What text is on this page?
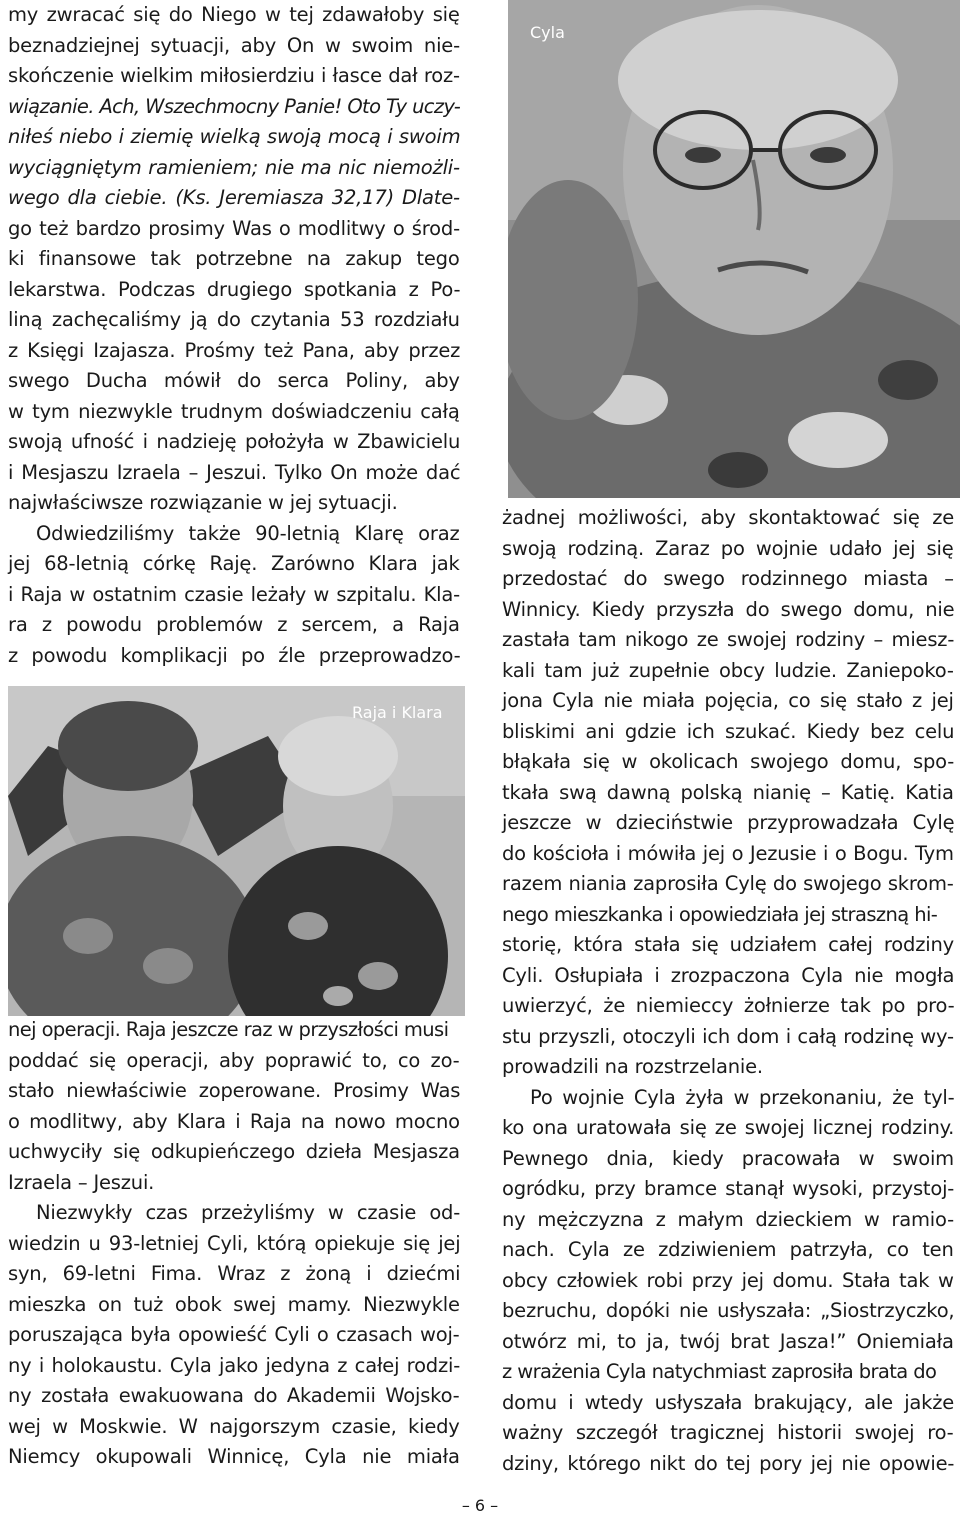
Cyla
Raja i Klara
my zwracać się do Niego w tej zdawałoby się
beznadziejnej sytuacji, aby On w swoim nie-
skończenie wielkim miłosierdziu i łasce dał roz-
wiązanie. Ach, Wszechmocny Panie! Oto Ty uczy-
niłeś niebo i ziemię wielką swoją mocą i swoim
wyciągniętym ramieniem; nie ma nic niemożli-
wego dla ciebie. (Ks. Jeremiasza 32,17) Dlate-
go też bardzo prosimy Was o modlitwy o środ-
ki finansowe tak potrzebne na zakup tego
lekarstwa. Podczas drugiego spotkania z Po-
liną zachęcaliśmy ją do czytania 53 rozdziału
z Księgi Izajasza. Prośmy też Pana, aby przez
swego Ducha mówił do serca Poliny, aby
w tym niezwykle trudnym doświadczeniu całą
swoją ufność i nadzieję położyła w Zbawicielu
i Mesjaszu Izraela – Jeszui. Tylko On może dać
najwłaściwsze rozwiązanie w jej sytuacji.
Odwiedziliśmy także 90-letnią Klarę oraz
jej 68-letnią córkę Raję. Zarówno Klara jak
i Raja w ostatnim czasie leżały w szpitalu. Kla-
ra z powodu problemów z sercem, a Raja
z powodu komplikacji po źle przeprowadzo-
nej operacji. Raja jeszcze raz w przyszłości musi
poddać się operacji, aby poprawić to, co zo-
stało niewłaściwie zoperowane. Prosimy Was
o modlitwy, aby Klara i Raja na nowo mocno
uchwyciły się odkupieńczego dzieła Mesjasza
Izraela – Jeszui.
Niezwykły czas przeżyliśmy w czasie od-
wiedzin u 93-letniej Cyli, którą opiekuje się jej
syn, 69-letni Fima. Wraz z żoną i dziećmi
mieszka on tuż obok swej mamy. Niezwykle
poruszająca była opowieść Cyli o czasach woj-
ny i holokaustu. Cyla jako jedyna z całej rodzi-
ny została ewakuowana do Akademii Wojsko-
wej w Moskwie. W najgorszym czasie, kiedy
Niemcy okupowali Winnicę, Cyla nie miała
żadnej możliwości, aby skontaktować się ze
swoją rodziną. Zaraz po wojnie udało jej się
przedostać do swego rodzinnego miasta –
Winnicy. Kiedy przyszła do swego domu, nie
zastała tam nikogo ze swojej rodziny – miesz-
kali tam już zupełnie obcy ludzie. Zaniepoko-
jona Cyla nie miała pojęcia, co się stało z jej
bliskimi ani gdzie ich szukać. Kiedy bez celu
błąkała się w okolicach swojego domu, spo-
tkała swą dawną polską nianię – Katię. Katia
jeszcze w dzieciństwie przyprowadzała Cylę
do kościoła i mówiła jej o Jezusie i o Bogu. Tym
razem niania zaprosiła Cylę do swojego skrom-
nego mieszkanka i opowiedziała jej straszną hi-
storię, która stała się udziałem całej rodziny
Cyli. Osłupiała i zrozpaczona Cyla nie mogła
uwierzyć, że niemieccy żołnierze tak po pro-
stu przyszli, otoczyli ich dom i całą rodzinę wy-
prowadzili na rozstrzelanie.
Po wojnie Cyla żyła w przekonaniu, że tyl-
ko ona uratowała się ze swojej licznej rodziny.
Pewnego dnia, kiedy pracowała w swoim
ogródku, przy bramce stanął wysoki, przystoj-
ny mężczyzna z małym dzieckiem w ramio-
nach. Cyla ze zdziwieniem patrzyła, co ten
obcy człowiek robi przy jej domu. Stała tak w
bezruchu, dopóki nie usłyszała: „Siostrzyczko,
otwórz mi, to ja, twój brat Jasza!” Oniemiała
z wrażenia Cyla natychmiast zaprosiła brata do
domu i wtedy usłyszała brakujący, ale jakże
ważny szczegół tragicznej historii swojej ro-
dziny, którego nikt do tej pory jej nie opowie-
– 6 –
